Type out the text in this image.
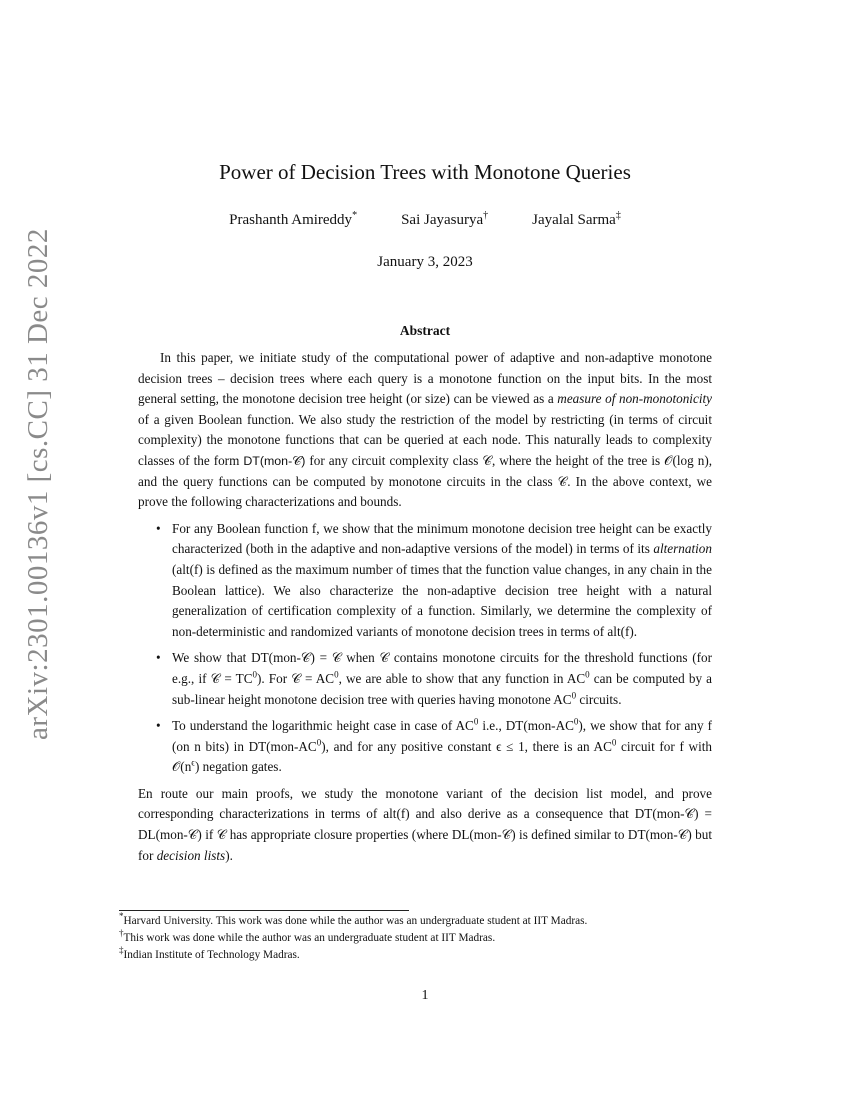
arXiv:2301.00136v1 [cs.CC] 31 Dec 2022
Power of Decision Trees with Monotone Queries
Prashanth Amireddy*	Sai Jayasurya†	Jayalal Sarma‡
January 3, 2023
Abstract

In this paper, we initiate study of the computational power of adaptive and non-adaptive monotone decision trees – decision trees where each query is a monotone function on the input bits. In the most general setting, the monotone decision tree height (or size) can be viewed as a measure of non-monotonicity of a given Boolean function. We also study the restriction of the model by restricting (in terms of circuit complexity) the monotone functions that can be queried at each node. This naturally leads to complexity classes of the form DT(mon-𝒞) for any circuit complexity class 𝒞, where the height of the tree is 𝒪(log n), and the query functions can be computed by monotone circuits in the class 𝒞. In the above context, we prove the following characterizations and bounds.

• For any Boolean function f, we show that the minimum monotone decision tree height can be exactly characterized (both in the adaptive and non-adaptive versions of the model) in terms of its alternation (alt(f) is defined as the maximum number of times that the function value changes, in any chain in the Boolean lattice). We also characterize the non-adaptive decision tree height with a natural generalization of certification complexity of a function. Similarly, we determine the complexity of non-deterministic and randomized variants of monotone decision trees in terms of alt(f).
• We show that DT(mon-𝒞) = 𝒞 when 𝒞 contains monotone circuits for the threshold functions (for e.g., if 𝒞 = $TC^0$). For 𝒞 = $AC^0$, we are able to show that any function in $AC^0$ can be computed by a sub-linear height monotone decision tree with queries having monotone $AC^0$ circuits.
• To understand the logarithmic height case in case of $AC^0$ i.e., $DT(mon-AC^0)$, we show that for any f (on n bits) in $DT(mon-AC^0)$, and for any positive constant ϵ ≤ 1, there is an $AC^0$ circuit for f with $𝒪(n^\epsilon)$ negation gates.

En route our main proofs, we study the monotone variant of the decision list model, and prove corresponding characterizations in terms of alt(f) and also derive as a consequence that DT(mon-𝒞) = DL(mon-𝒞) if 𝒞 has appropriate closure properties (where DL(mon-𝒞) is defined similar to DT(mon-𝒞) but for decision lists).

*Harvard University. This work was done while the author was an undergraduate student at IIT Madras.
†This work was done while the author was an undergraduate student at IIT Madras.
‡Indian Institute of Technology Madras.
1
